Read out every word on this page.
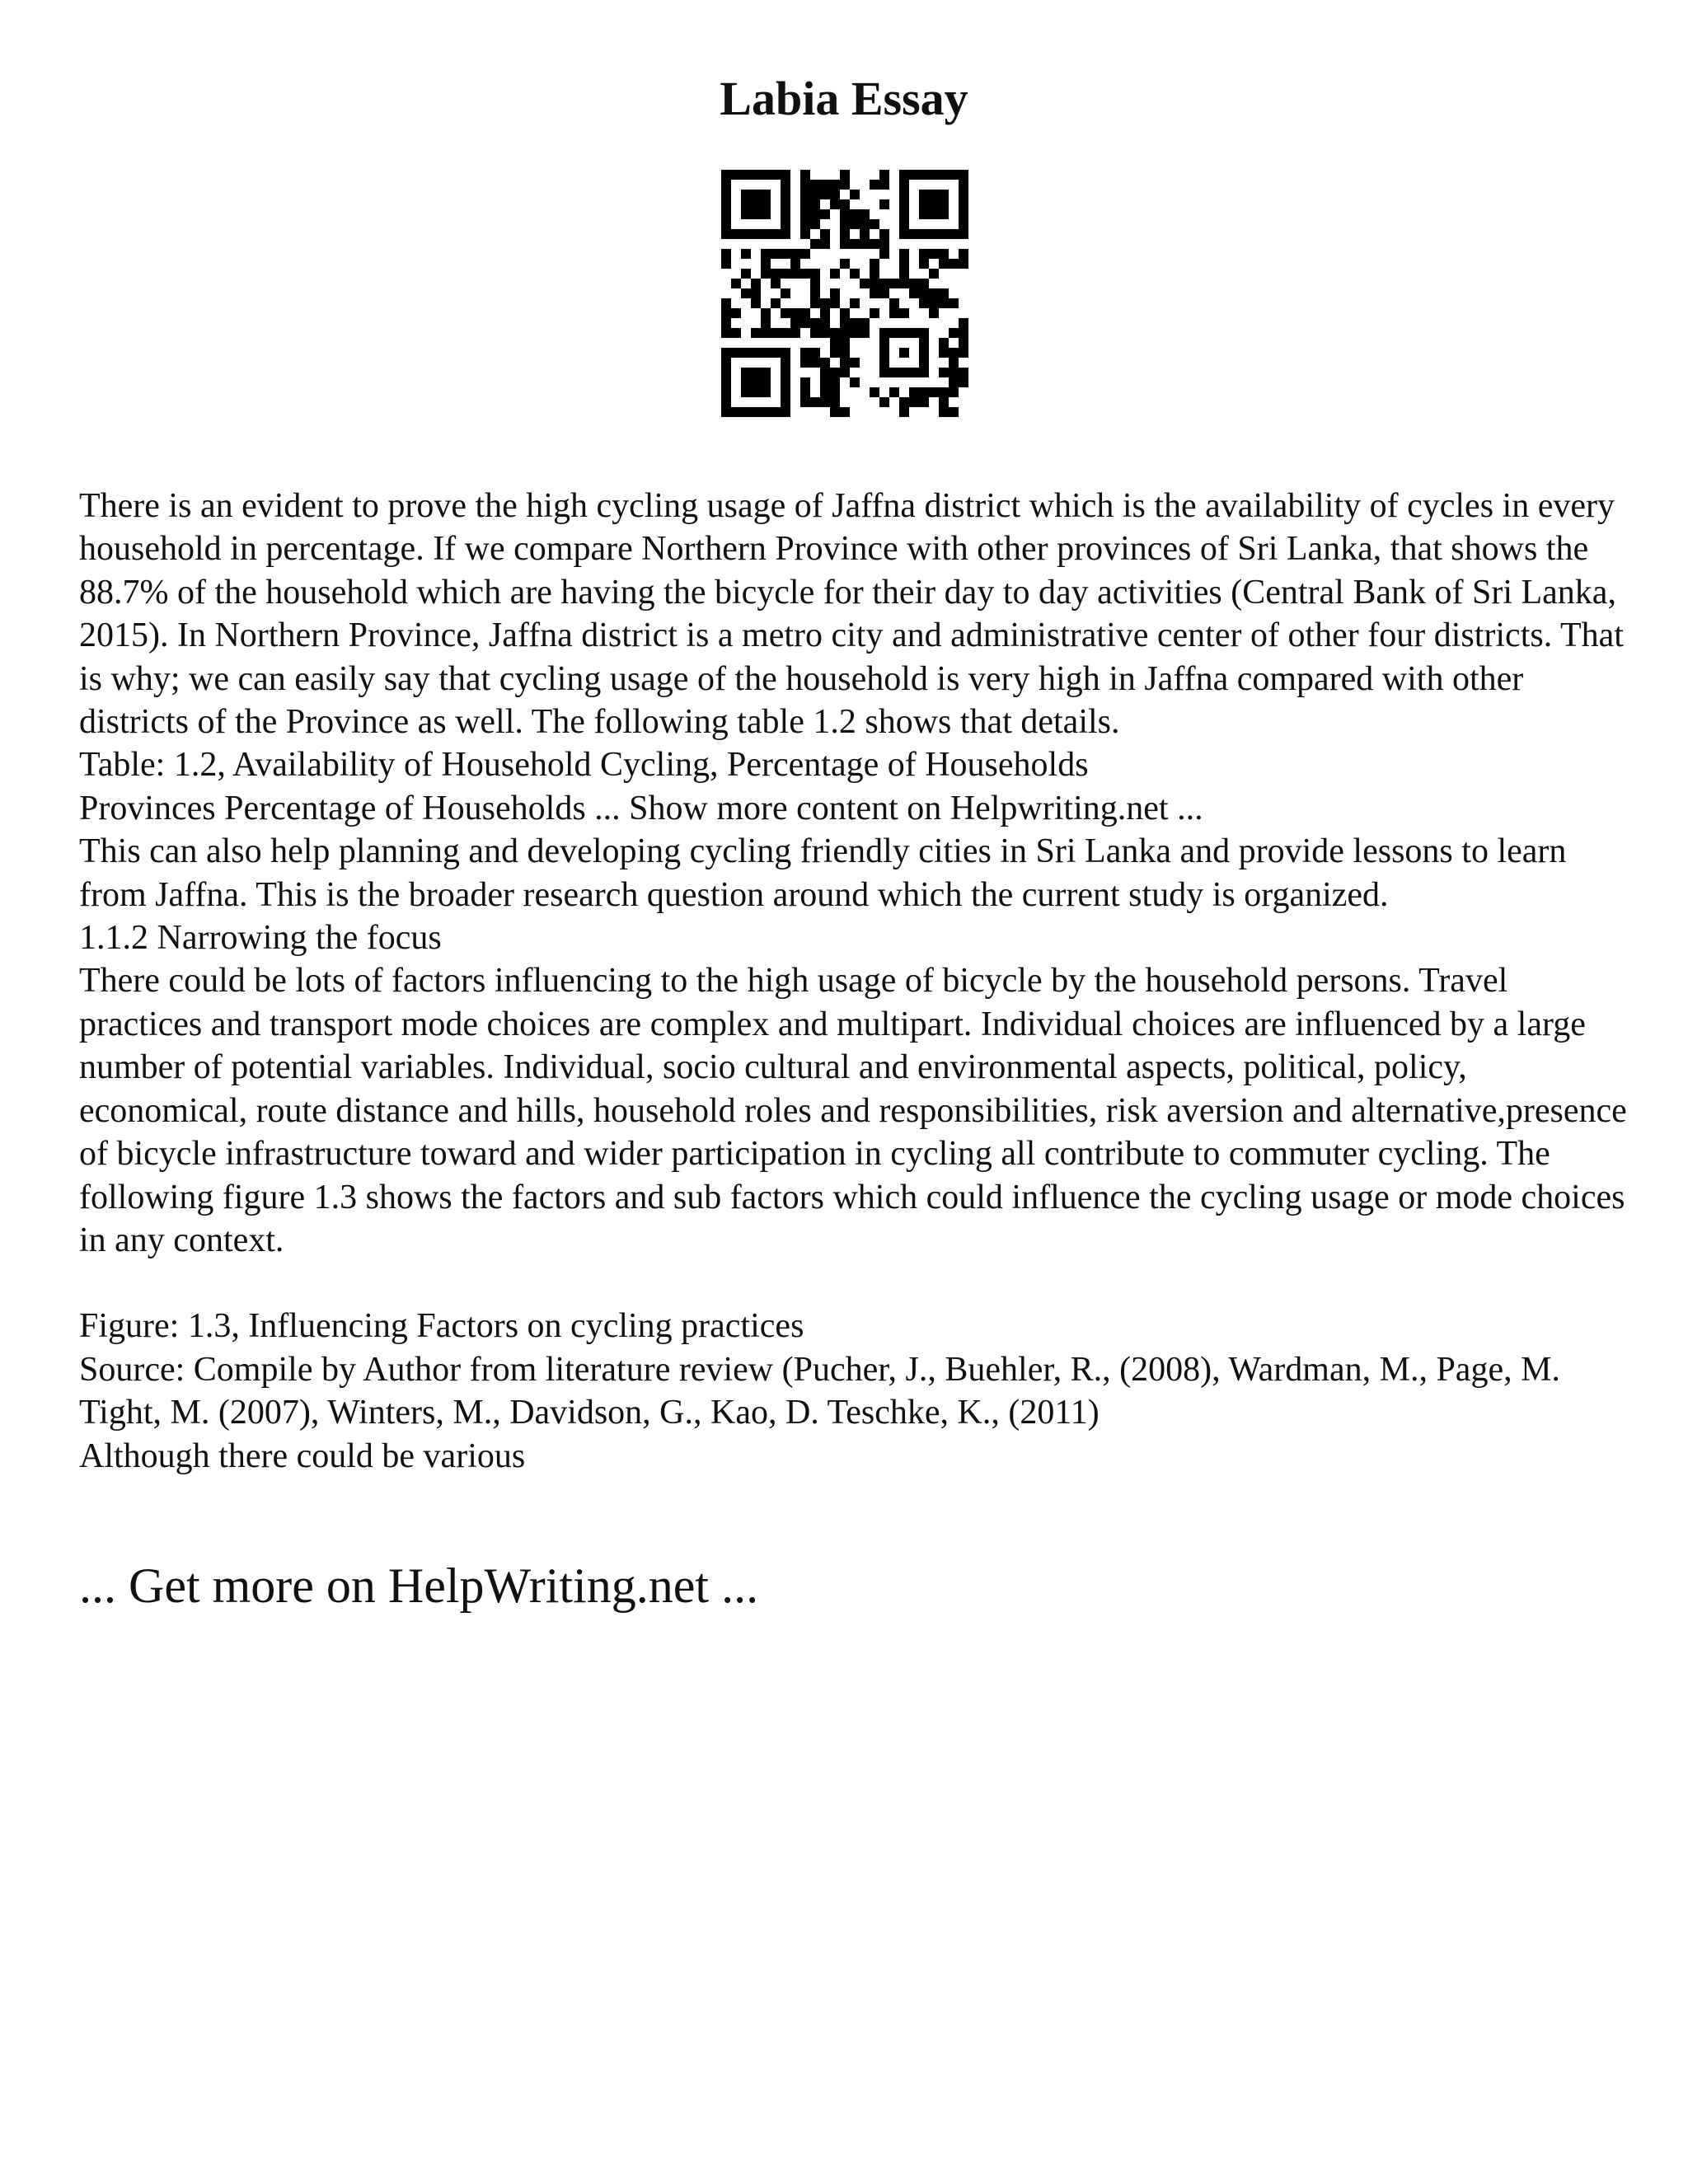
Labia Essay

There is an evident to prove the high cycling usage of Jaffna district which is the availability of cycles in every household in percentage. If we compare Northern Province with other provinces of Sri Lanka, that shows the 88.7% of the household which are having the bicycle for their day to day activities (Central Bank of Sri Lanka, 2015). In Northern Province, Jaffna district is a metro city and administrative center of other four districts. That is why; we can easily say that cycling usage of the household is very high in Jaffna compared with other districts of the Province as well. The following table 1.2 shows that details.

Table: 1.2, Availability of Household Cycling, Percentage of Households

Provinces Percentage of Households ... Show more content on Helpwriting.net ...

This can also help planning and developing cycling friendly cities in Sri Lanka and provide lessons to learn from Jaffna. This is the broader research question around which the current study is organized.

1.1.2 Narrowing the focus

There could be lots of factors influencing to the high usage of bicycle by the household persons. Travel practices and transport mode choices are complex and multipart. Individual choices are influenced by a large number of potential variables. Individual, socio cultural and environmental aspects, political, policy, economical, route distance and hills, household roles and responsibilities, risk aversion and alternative,presence of bicycle infrastructure toward and wider participation in cycling all contribute to commuter cycling. The following figure 1.3 shows the factors and sub factors which could influence the cycling usage or mode choices in any context.

Figure: 1.3, Influencing Factors on cycling practices

Source: Compile by Author from literature review (Pucher, J., Buehler, R., (2008), Wardman, M., Page, M. Tight, M. (2007), Winters, M., Davidson, G., Kao, D. Teschke, K., (2011)

Although there could be various

... Get more on HelpWriting.net ...
